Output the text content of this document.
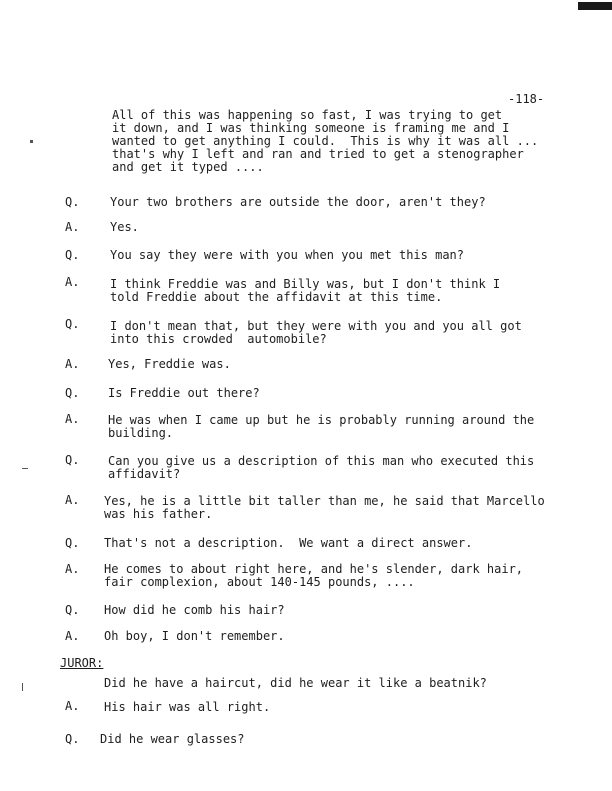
-118-
All of this was happening so fast, I was trying to get
it down, and I was thinking someone is framing me and I
wanted to get anything I could.  This is why it was all ...
that's why I left and ran and tried to get a stenographer
and get it typed ....
Q.	Your two brothers are outside the door, aren't they?
A.	Yes.
Q.	You say they were with you when you met this man?
A.	I think Freddie was and Billy was, but I don't think I
told Freddie about the affidavit at this time.
Q.	I don't mean that, but they were with you and you all got
into this crowded  automobile?
A. Yes, Freddie was.
Q. Is Freddie out there?
A. He was when I came up but he is probably running around the
building.
Q. Can you give us a description of this man who executed this
affidavit?
A. Yes, he is a little bit taller than me, he said that Marcello
was his father.
Q. That's not a description.  We want a direct answer.
A. He comes to about right here, and he's slender, dark hair,
fair complexion, about 140-145 pounds, ....
Q. How did he comb his hair?
A. Oh boy, I don't remember.
JUROR:
Did he have a haircut, did he wear it like a beatnik?
A. His hair was all right.
Q. Did he wear glasses?
